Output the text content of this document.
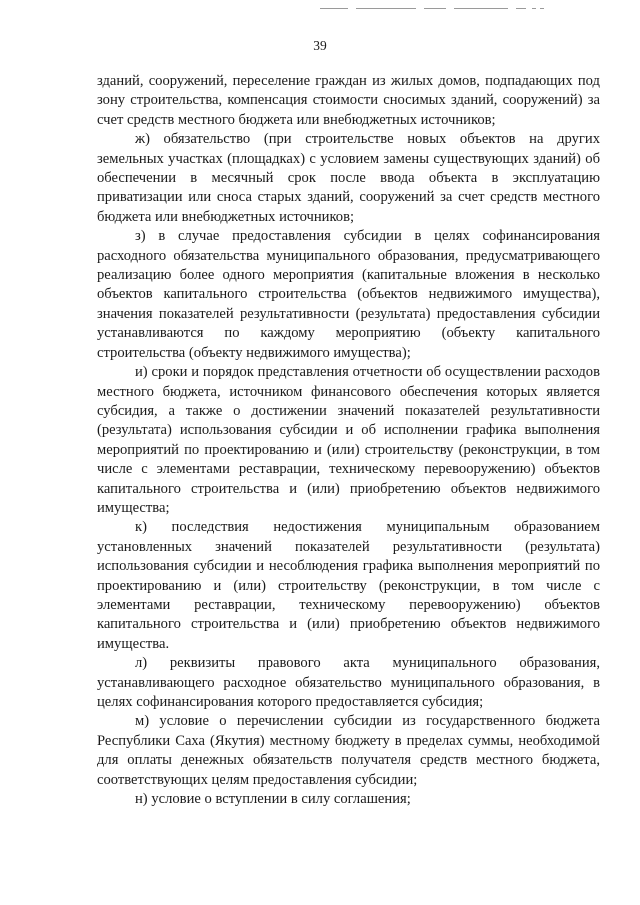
39

зданий, сооружений, переселение граждан из жилых домов, подпадающих под зону строительства, компенсация стоимости сносимых зданий, сооружений) за счет средств местного бюджета или внебюджетных источников;

ж) обязательство (при строительстве новых объектов на других земельных участках (площадках) с условием замены существующих зданий) об обеспечении в месячный срок после ввода объекта в эксплуатацию приватизации или сноса старых зданий, сооружений за счет средств местного бюджета или внебюджетных источников;

з) в случае предоставления субсидии в целях софинансирования расходного обязательства муниципального образования, предусматривающего реализацию более одного мероприятия (капитальные вложения в несколько объектов капитального строительства (объектов недвижимого имущества), значения показателей результативности (результата) предоставления субсидии устанавливаются по каждому мероприятию (объекту капитального строительства (объекту недвижимого имущества);

и) сроки и порядок представления отчетности об осуществлении расходов местного бюджета, источником финансового обеспечения которых является субсидия, а также о достижении значений показателей результативности (результата) использования субсидии и об исполнении графика выполнения мероприятий по проектированию и (или) строительству (реконструкции, в том числе с элементами реставрации, техническому перевооружению) объектов капитального строительства и (или) приобретению объектов недвижимого имущества;

к) последствия недостижения муниципальным образованием установленных значений показателей результативности (результата) использования субсидии и несоблюдения графика выполнения мероприятий по проектированию и (или) строительству (реконструкции, в том числе с элементами реставрации, техническому перевооружению) объектов капитального строительства и (или) приобретению объектов недвижимого имущества.

л) реквизиты правового акта муниципального образования, устанавливающего расходное обязательство муниципального образования, в целях софинансирования которого предоставляется субсидия;

м) условие о перечислении субсидии из государственного бюджета Республики Саха (Якутия) местному бюджету в пределах суммы, необходимой для оплаты денежных обязательств получателя средств местного бюджета, соответствующих целям предоставления субсидии;

н) условие о вступлении в силу соглашения;
